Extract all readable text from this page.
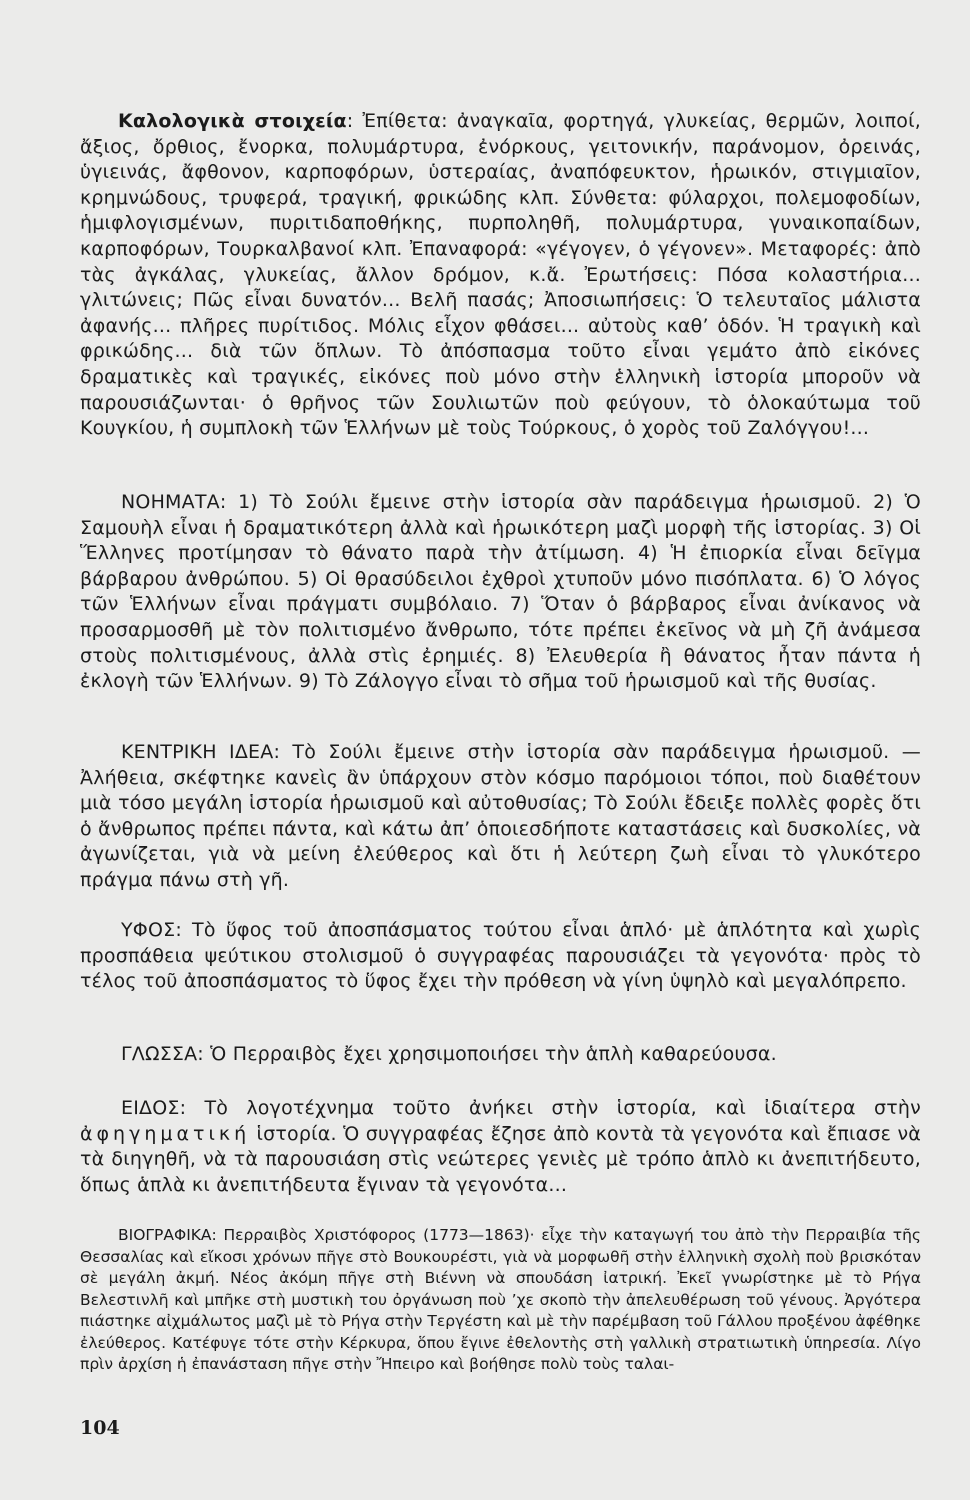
Καλολογικὰ στοιχεία: Ἐπίθετα: ἀναγκαῖα, φορτηγά, γλυκείας, θερμῶν, λοιποί, ἄξιος, ὄρθιος, ἔνορκα, πολυμάρτυρα, ἐνόρκους, γειτονικήν, παράνομον, ὀρεινάς, ὑγιεινάς, ἄφθονον, καρποφόρων, ὑστεραίας, ἀναπόφευκτον, ἡρωικόν, στιγμιαῖον, κρημνώδους, τρυφερά, τραγική, φρικώδης κλπ. Σύνθετα: φύλαρχοι, πολεμοφοδίων, ἡμιφλογισμένων, πυριτιδαποθήκης, πυρποληθῆ, πολυμάρτυρα, γυναικοπαίδων, καρποφόρων, Τουρκαλβανοί κλπ. Ἐπαναφορά: «γέγογεν, ὁ γέγονεν». Μεταφορές: ἀπὸ τὰς ἀγκάλας, γλυκείας, ἄλλον δρόμον, κ.ἄ. Ἐρωτήσεις: Πόσα κολαστήρια... γλιτώνεις; Πῶς εἶναι δυνατόν... Βελῆ πασάς; Ἀποσιωπήσεις: Ὁ τελευταῖος μάλιστα ἀφανής... πλῆρες πυρίτιδος. Μόλις εἶχον φθάσει... αὐτοὺς καθ’ ὁδόν. Ἡ τραγικὴ καὶ φρικώδης... διὰ τῶν ὅπλων. Τὸ ἀπόσπασμα τοῦτο εἶναι γεμάτο ἀπὸ εἰκόνες δραματικὲς καὶ τραγικές, εἰκόνες ποὺ μόνο στὴν ἑλληνικὴ ἱστορία μποροῦν νὰ παρουσιάζωνται· ὁ θρῆνος τῶν Σουλιωτῶν ποὺ φεύγουν, τὸ ὁλοκαύτωμα τοῦ Κουγκίου, ἡ συμπλοκὴ τῶν Ἑλλήνων μὲ τοὺς Τούρκους, ὁ χορὸς τοῦ Ζαλόγγου!...

ΝΟΗΜΑΤΑ: 1) Τὸ Σούλι ἔμεινε στὴν ἱστορία σὰν παράδειγμα ἡρωισμοῦ. 2) Ὁ Σαμουὴλ εἶναι ἡ δραματικότερη ἀλλὰ καὶ ἡρωικότερη μαζὶ μορφὴ τῆς ἱστορίας. 3) Οἱ Ἕλληνες προτίμησαν τὸ θάνατο παρὰ τὴν ἀτίμωση. 4) Ἡ ἐπιορκία εἶναι δεῖγμα βάρβαρου ἀνθρώπου. 5) Οἱ θρασύδειλοι ἐχθροὶ χτυποῦν μόνο πισόπλατα. 6) Ὁ λόγος τῶν Ἑλλήνων εἶναι πράγματι συμβόλαιο. 7) Ὅταν ὁ βάρβαρος εἶναι ἀνίκανος νὰ προσαρμοσθῆ μὲ τὸν πολιτισμένο ἄνθρωπο, τότε πρέπει ἐκεῖνος νὰ μὴ ζῆ ἀνάμεσα στοὺς πολιτισμένους, ἀλλὰ στὶς ἐρημιές. 8) Ἐλευθερία ἢ θάνατος ἦταν πάντα ἡ ἐκλογὴ τῶν Ἑλλήνων. 9) Τὸ Ζάλογγο εἶναι τὸ σῆμα τοῦ ἡρωισμοῦ καὶ τῆς θυσίας.

ΚΕΝΤΡΙΚΗ ΙΔΕΑ: Τὸ Σούλι ἔμεινε στὴν ἱστορία σὰν παράδειγμα ἡρωισμοῦ. —Ἀλήθεια, σκέφτηκε κανεὶς ἂν ὑπάρχουν στὸν κόσμο παρόμοιοι τόποι, ποὺ διαθέτουν μιὰ τόσο μεγάλη ἱστορία ἡρωισμοῦ καὶ αὐτοθυσίας; Τὸ Σούλι ἔδειξε πολλὲς φορὲς ὅτι ὁ ἄνθρωπος πρέπει πάντα, καὶ κάτω ἀπ’ ὁποιεσδήποτε καταστάσεις καὶ δυσκολίες, νὰ ἀγωνίζεται, γιὰ νὰ μείνη ἐλεύθερος καὶ ὅτι ἡ λεύτερη ζωὴ εἶναι τὸ γλυκότερο πράγμα πάνω στὴ γῆ.

ΥΦΟΣ: Τὸ ὕφος τοῦ ἀποσπάσματος τούτου εἶναι ἁπλό· μὲ ἁπλότητα καὶ χωρὶς προσπάθεια ψεύτικου στολισμοῦ ὁ συγγραφέας παρουσιάζει τὰ γεγονότα· πρὸς τὸ τέλος τοῦ ἀποσπάσματος τὸ ὕφος ἔχει τὴν πρόθεση νὰ γίνη ὑψηλὸ καὶ μεγαλόπρεπο.

ΓΛΩΣΣΑ: Ὁ Περραιβὸς ἔχει χρησιμοποιήσει τὴν ἁπλὴ καθαρεύουσα.

ΕΙΔΟΣ: Τὸ λογοτέχνημα τοῦτο ἀνήκει στὴν ἱστορία, καὶ ἰδιαίτερα στὴν ἀφηγηματική ἱστορία. Ὁ συγγραφέας ἔζησε ἀπὸ κοντὰ τὰ γεγονότα καὶ ἔπιασε νὰ τὰ διηγηθῆ, νὰ τὰ παρουσιάση στὶς νεώτερες γενιὲς μὲ τρόπο ἁπλὸ κι ἀνεπιτήδευτο, ὅπως ἁπλὰ κι ἀνεπιτήδευτα ἔγιναν τὰ γεγονότα...

ΒΙΟΓΡΑΦΙΚΑ: Περραιβὸς Χριστόφορος (1773—1863)· εἶχε τὴν καταγωγή του ἀπὸ τὴν Περραιβία τῆς Θεσσαλίας καὶ εἴκοσι χρόνων πῆγε στὸ Βουκουρέστι, γιὰ νὰ μορφωθῆ στὴν ἑλληνικὴ σχολὴ ποὺ βρισκόταν σὲ μεγάλη ἀκμή. Νέος ἀκόμη πῆγε στὴ Βιέννη νὰ σπουδάση ἰατρική. Ἐκεῖ γνωρίστηκε μὲ τὸ Ρήγα Βελεστινλῆ καὶ μπῆκε στὴ μυστικὴ του ὀργάνωση ποὺ ’χε σκοπὸ τὴν ἀπελευθέρωση τοῦ γένους. Ἀργότερα πιάστηκε αἰχμάλωτος μαζὶ μὲ τὸ Ρήγα στὴν Τεργέστη καὶ μὲ τὴν παρέμβαση τοῦ Γάλλου προξένου ἀφέθηκε ἐλεύθερος. Κατέφυγε τότε στὴν Κέρκυρα, ὅπου ἔγινε ἐθελοντὴς στὴ γαλλικὴ στρατιωτικὴ ὑπηρεσία. Λίγο πρὶν ἀρχίση ἡ ἐπανάσταση πῆγε στὴν Ἤπειρο καὶ βοήθησε πολὺ τοὺς ταλαι-

104
